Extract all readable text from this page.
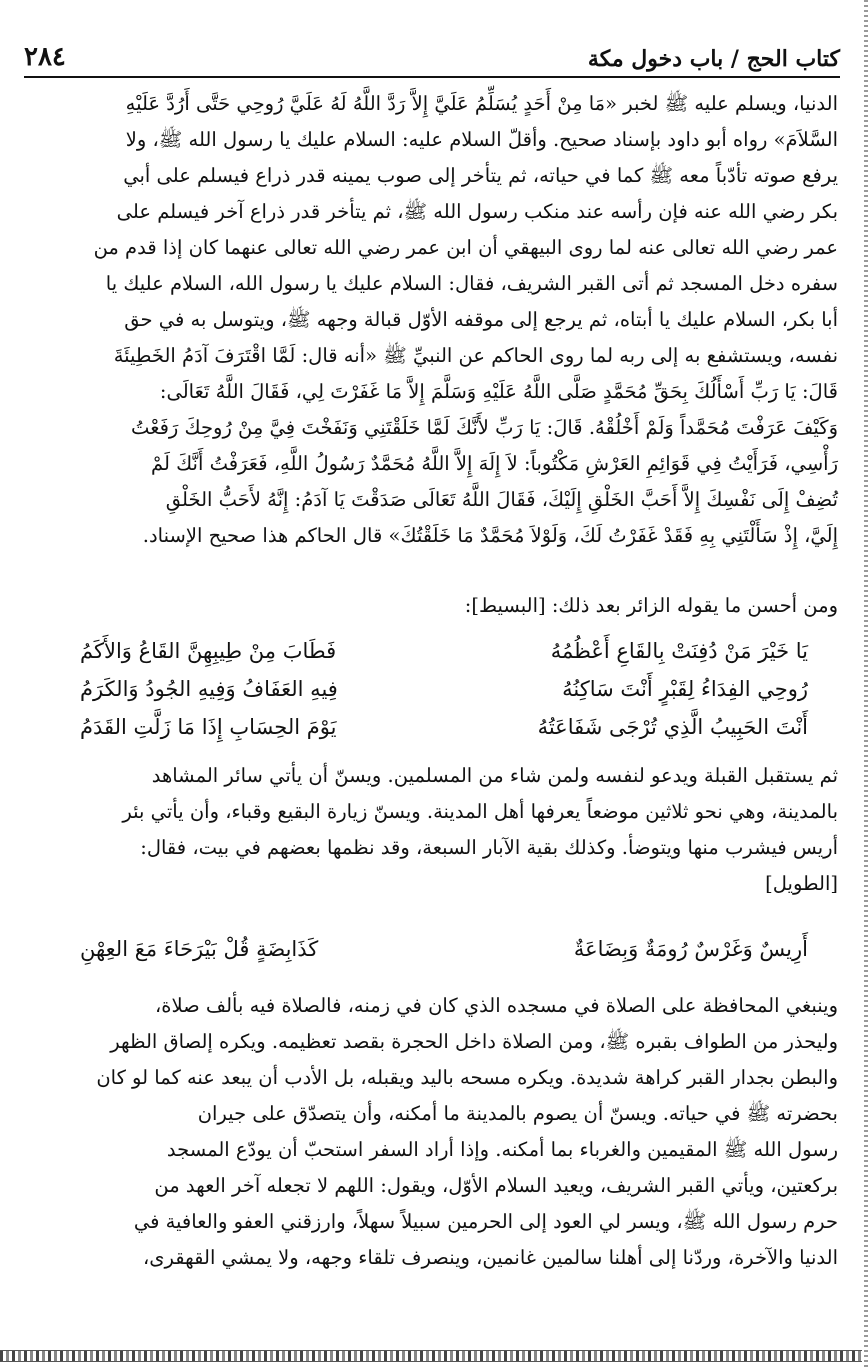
كتاب الحج / باب دخول مكة
٢٨٤

الدنيا، ويسلم عليه ﷺ لخبر «مَا مِنْ أَحَدٍ يُسَلِّمُ عَلَيَّ إِلاَّ رَدَّ اللَّهُ لَهُ عَلَيَّ رُوحِي حَتَّى أَرُدَّ عَلَيْهِ

السَّلاَمَ» رواه أبو داود بإسناد صحيح. وأقلّ السلام عليه: السلام عليك يا رسول الله ﷺ، ولا

يرفع صوته تأدّباً معه ﷺ كما في حياته، ثم يتأخر إلى صوب يمينه قدر ذراع فيسلم على أبي

بكر رضي الله عنه فإن رأسه عند منكب رسول الله ﷺ، ثم يتأخر قدر ذراع آخر فيسلم على

عمر رضي الله تعالى عنه لما روى البيهقي أن ابن عمر رضي الله تعالى عنهما كان إذا قدم من

سفره دخل المسجد ثم أتى القبر الشريف، فقال: السلام عليك يا رسول الله، السلام عليك يا

أبا بكر، السلام عليك يا أبتاه، ثم يرجع إلى موقفه الأوّل قبالة وجهه ﷺ، ويتوسل به في حق

نفسه، ويستشفع به إلى ربه لما روى الحاكم عن النبيِّ ﷺ «أنه قال: لَمَّا اقْتَرَفَ آدَمُ الخَطِيئَةَ

قَالَ: يَا رَبِّ أَسْأَلُكَ بِحَقِّ مُحَمَّدٍ صَلَّى اللَّهُ عَلَيْهِ وَسَلَّمَ إِلاَّ مَا غَفَرْتَ لِي، فَقَالَ اللَّهُ تَعَالَى:

وَكَيْفَ عَرَفْتَ مُحَمَّداً وَلَمْ أَخْلُقْهُ. قَالَ: يَا رَبِّ لأَنَّكَ لَمَّا خَلَقْتَنِي وَنَفَخْتَ فِيَّ مِنْ رُوحِكَ رَفَعْتُ

رَأْسِي، فَرَأَيْتُ فِي قَوَائِمِ العَرْشِ مَكْتُوباً: لاَ إِلَهَ إِلاَّ اللَّهُ مُحَمَّدٌ رَسُولُ اللَّهِ، فَعَرَفْتُ أَنَّكَ لَمْ

تُضِفْ إِلَى نَفْسِكَ إِلاَّ أَحَبَّ الخَلْقِ إِلَيْكَ، فَقَالَ اللَّهُ تَعَالَى صَدَقْتَ يَا آدَمُ: إِنَّهُ لأَحَبُّ الخَلْقِ

إِلَيَّ، إِذْ سَأَلْتَنِي بِهِ فَقَدْ غَفَرْتُ لَكَ، وَلَوْلاَ مُحَمَّدٌ مَا خَلَقْتُكَ» قال الحاكم هذا صحيح الإسناد.

ومن أحسن ما يقوله الزائر بعد ذلك: [البسيط]:
يَا خَيْرَ مَنْ دُفِنَتْ بِالقَاعِ أَعْظُمُهُ
فَطَابَ مِنْ طِيبِهِنَّ القَاعُ وَالأَكَمُ
رُوحِي الفِدَاءُ لِقَبْرٍ أَنْتَ سَاكِنُهُ
فِيهِ العَفَافُ وَفِيهِ الجُودُ وَالكَرَمُ
أَنْتَ الحَبِيبُ الَّذِي تُرْجَى شَفَاعَتُهُ
يَوْمَ الحِسَابِ إِذَا مَا زَلَّتِ القَدَمُ

ثم يستقبل القبلة ويدعو لنفسه ولمن شاء من المسلمين. ويسنّ أن يأتي سائر المشاهد

بالمدينة، وهي نحو ثلاثين موضعاً يعرفها أهل المدينة. ويسنّ زيارة البقيع وقباء، وأن يأتي بئر

أريس فيشرب منها ويتوضأ. وكذلك بقية الآبار السبعة، وقد نظمها بعضهم في بيت، فقال:

[الطويل]

أَرِيسٌ وَغَرْسٌ رُومَةٌ وَبِضَاعَةٌ
كَذَابِضَةٍ قُلْ بَيْرَحَاءَ مَعَ العِهْنِ

وينبغي المحافظة على الصلاة في مسجده الذي كان في زمنه، فالصلاة فيه بألف صلاة،

وليحذر من الطواف بقبره ﷺ، ومن الصلاة داخل الحجرة بقصد تعظيمه. ويكره إلصاق الظهر

والبطن بجدار القبر كراهة شديدة. ويكره مسحه باليد ويقبله، بل الأدب أن يبعد عنه كما لو كان

بحضرته ﷺ في حياته. ويسنّ أن يصوم بالمدينة ما أمكنه، وأن يتصدّق على جيران

رسول الله ﷺ المقيمين والغرباء بما أمكنه. وإذا أراد السفر استحبّ أن يودّع المسجد

بركعتين، ويأتي القبر الشريف، ويعيد السلام الأوّل، ويقول: اللهم لا تجعله آخر العهد من

حرم رسول الله ﷺ، ويسر لي العود إلى الحرمين سبيلاً سهلاً، وارزقني العفو والعافية في

الدنيا والآخرة، وردّنا إلى أهلنا سالمين غانمين، وينصرف تلقاء وجهه، ولا يمشي القهقرى،
